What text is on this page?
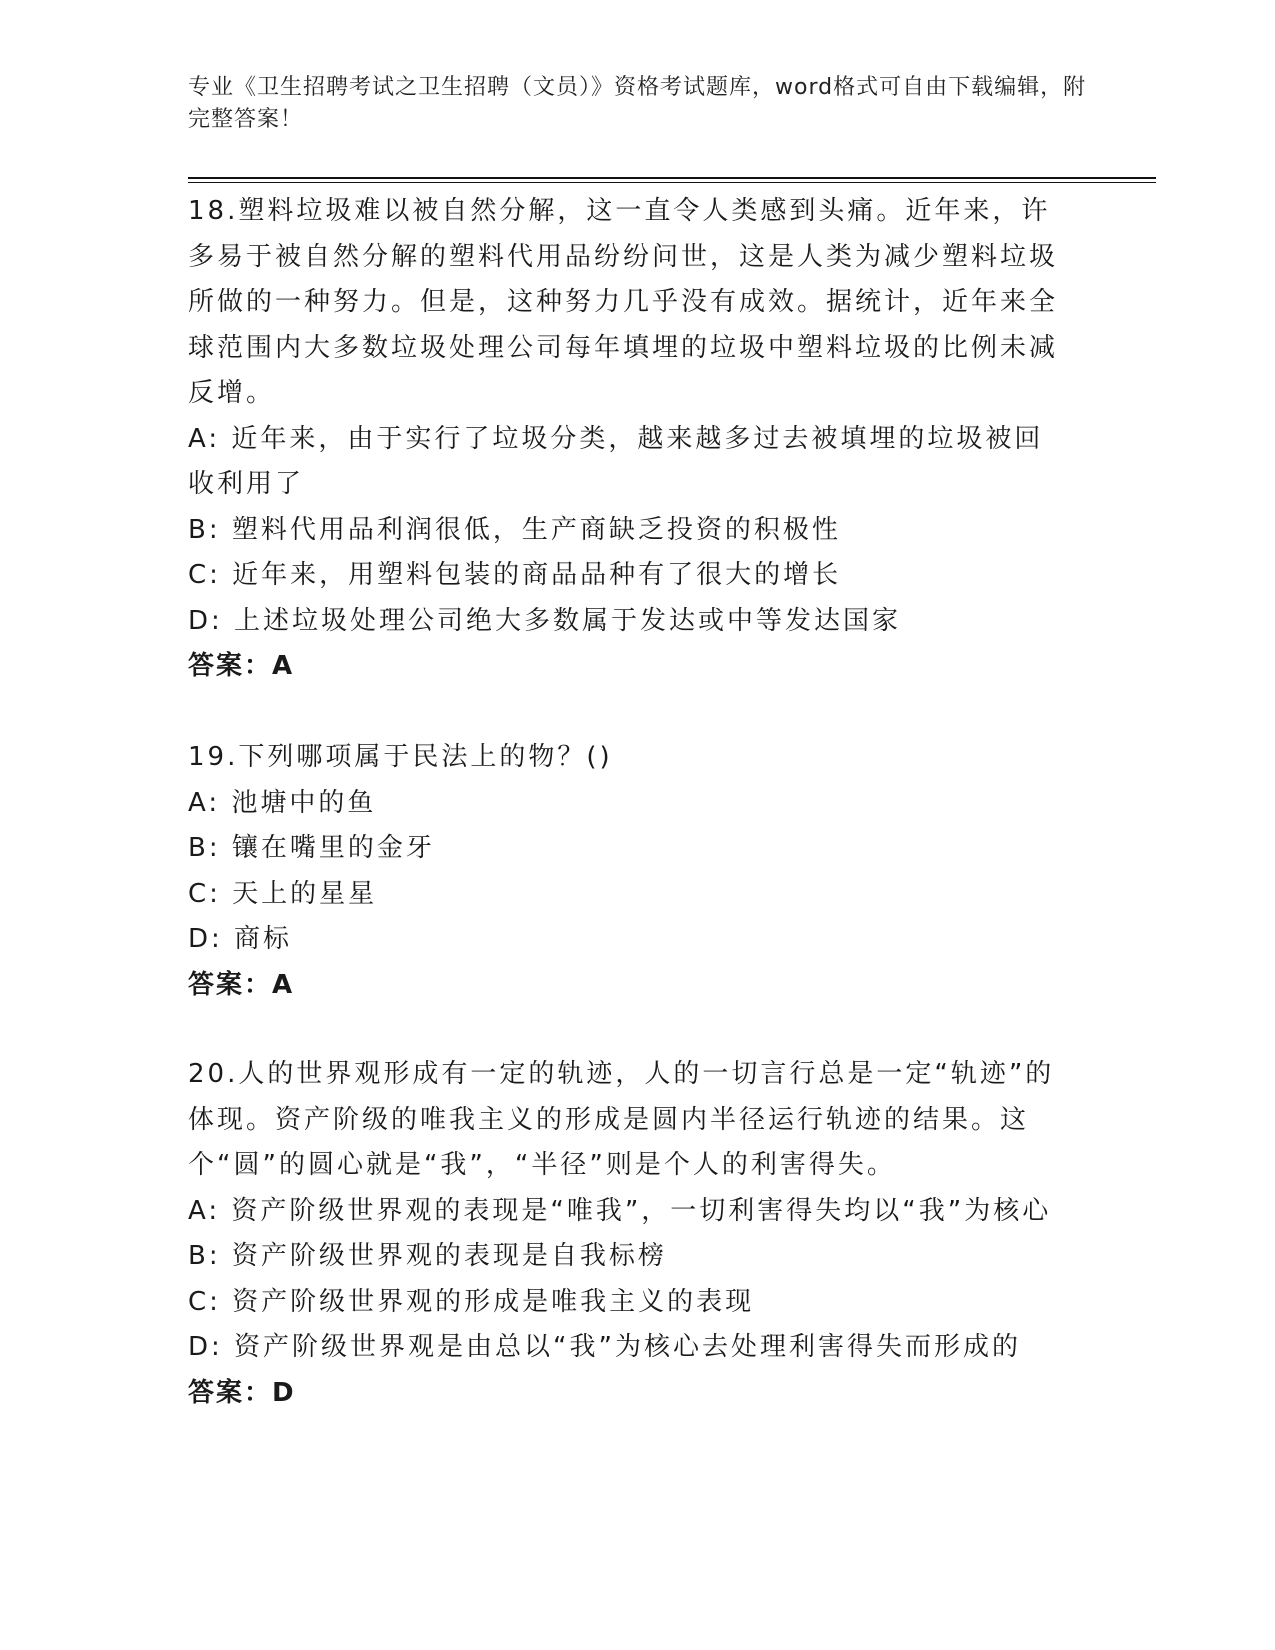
专业《卫生招聘考试之卫生招聘（文员）》资格考试题库，word格式可自由下载编辑，附完整答案！

18.塑料垃圾难以被自然分解，这一直令人类感到头痛。近年来，许多易于被自然分解的塑料代用品纷纷问世，这是人类为减少塑料垃圾所做的一种努力。但是，这种努力几乎没有成效。据统计，近年来全球范围内大多数垃圾处理公司每年填埋的垃圾中塑料垃圾的比例未减反增。

A: 近年来，由于实行了垃圾分类，越来越多过去被填埋的垃圾被回收利用了

B: 塑料代用品利润很低，生产商缺乏投资的积极性

C: 近年来，用塑料包装的商品品种有了很大的增长

D: 上述垃圾处理公司绝大多数属于发达或中等发达国家

答案：A

19.下列哪项属于民法上的物？()

A: 池塘中的鱼

B: 镶在嘴里的金牙

C: 天上的星星

D: 商标

答案：A

20.人的世界观形成有一定的轨迹，人的一切言行总是一定“轨迹”的体现。资产阶级的唯我主义的形成是圆内半径运行轨迹的结果。这个“圆”的圆心就是“我”，“半径”则是个人的利害得失。

A: 资产阶级世界观的表现是“唯我”，一切利害得失均以“我”为核心

B: 资产阶级世界观的表现是自我标榜

C: 资产阶级世界观的形成是唯我主义的表现

D: 资产阶级世界观是由总以“我”为核心去处理利害得失而形成的

答案：D
